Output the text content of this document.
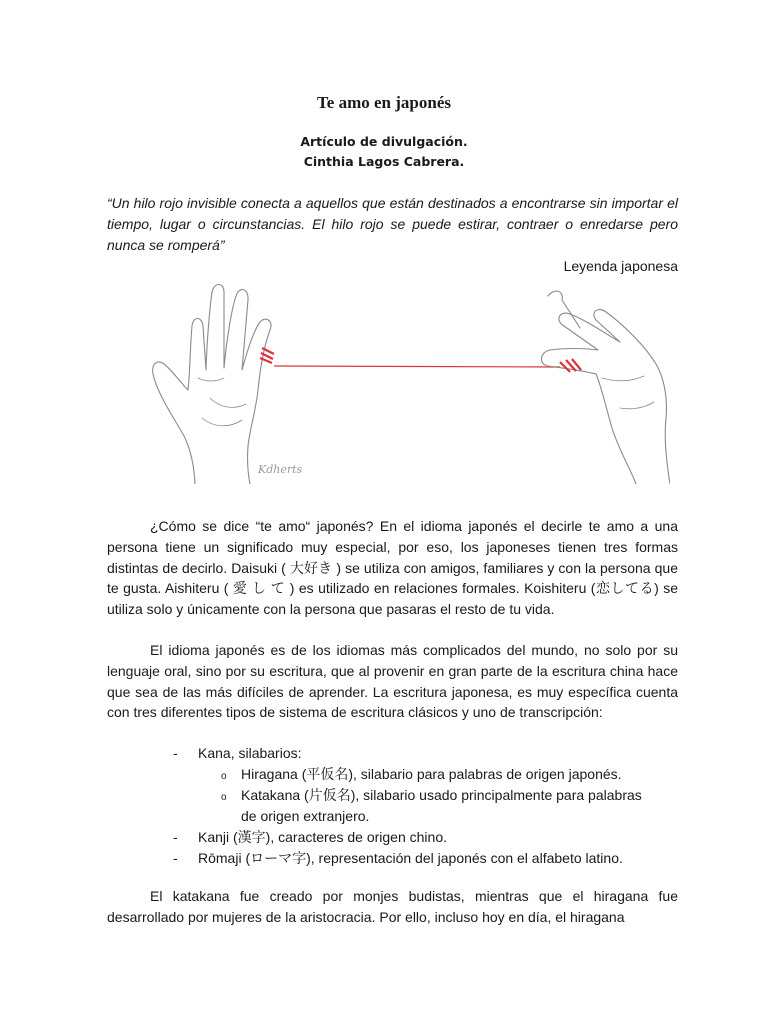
Te amo en japonés
Artículo de divulgación.
Cinthia Lagos Cabrera.
“Un hilo rojo invisible conecta a aquellos que están destinados a encontrarse sin importar el tiempo, lugar o circunstancias. El hilo rojo se puede estirar, contraer o enredarse pero nunca se romperá”
Leyenda japonesa
Kdherts

¿Cómo se dice “te amo“ japonés? En el idioma japonés el decirle te amo a una persona tiene un significado muy especial, por eso, los japoneses tienen tres formas distintas de decirlo. Daisuki ( 大好き ) se utiliza con amigos, familiares y con la persona que te gusta. Aishiteru ( 愛 し て ) es utilizado en relaciones formales. Koishiteru (恋してる) se utiliza solo y únicamente con la persona que pasaras el resto de tu vida.

El idioma japonés es de los idiomas más complicados del mundo, no solo por su lenguaje oral, sino por su escritura, que al provenir en gran parte de la escritura china hace que sea de las más difíciles de aprender. La escritura japonesa, es muy específica cuenta con tres diferentes tipos de sistema de escritura clásicos y uno de transcripción:

- Kana, silabarios:
o Hiragana (平仮名), silabario para palabras de origen japonés.
o Katakana (片仮名), silabario usado principalmente para palabras
de origen extranjero.
- Kanji (漢字), caracteres de origen chino.
- Rōmaji (ローマ字), representación del japonés con el alfabeto latino.

El katakana fue creado por monjes budistas, mientras que el hiragana fue desarrollado por mujeres de la aristocracia. Por ello, incluso hoy en día, el hiragana
